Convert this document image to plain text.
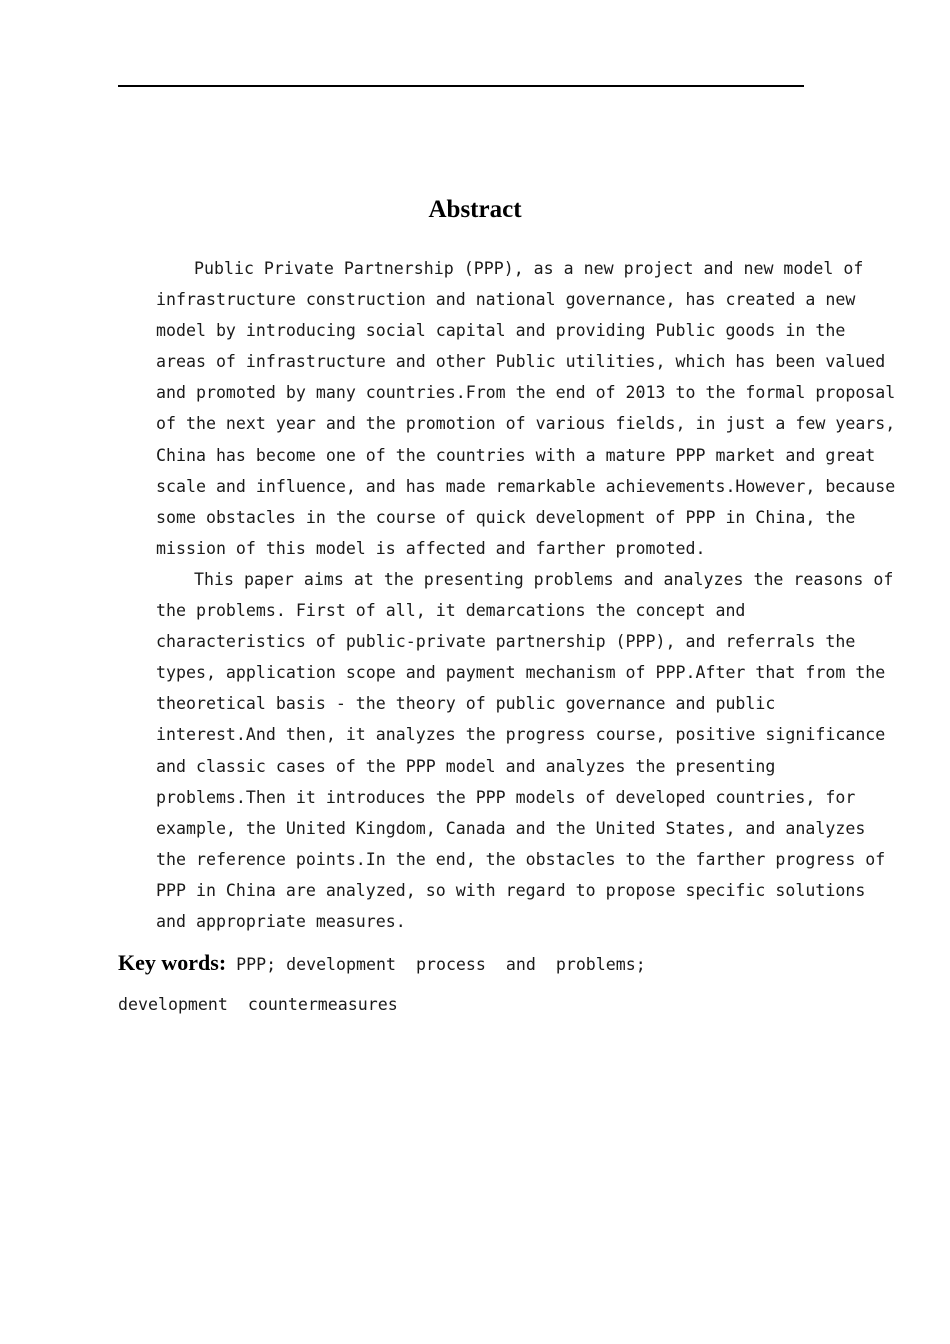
Abstract
Public Private Partnership (PPP), as a new project and new model of
infrastructure construction and national governance, has created a new
model by introducing social capital and providing Public goods in the
areas of infrastructure and other Public utilities, which has been valued
and promoted by many countries.From the end of 2013 to the formal proposal
of the next year and the promotion of various fields, in just a few years,
China has become one of the countries with a mature PPP market and great
scale and influence, and has made remarkable achievements.However, because
some obstacles in the course of quick development of PPP in China, the
mission of this model is affected and farther promoted.
This paper aims at the presenting problems and analyzes the reasons of
the problems. First of all, it demarcations the concept and
characteristics of public-private partnership (PPP), and referrals the
types, application scope and payment mechanism of PPP.After that from the
theoretical basis - the theory of public governance and public
interest.And then, it analyzes the progress course, positive significance
and classic cases of the PPP model and analyzes the presenting
problems.Then it introduces the PPP models of developed countries, for
example, the United Kingdom, Canada and the United States, and analyzes
the reference points.In the end, the obstacles to the farther progress of
PPP in China are analyzed, so with regard to propose specific solutions
and appropriate measures.
Key words: PPP; development  process  and  problems;
development  countermeasures
